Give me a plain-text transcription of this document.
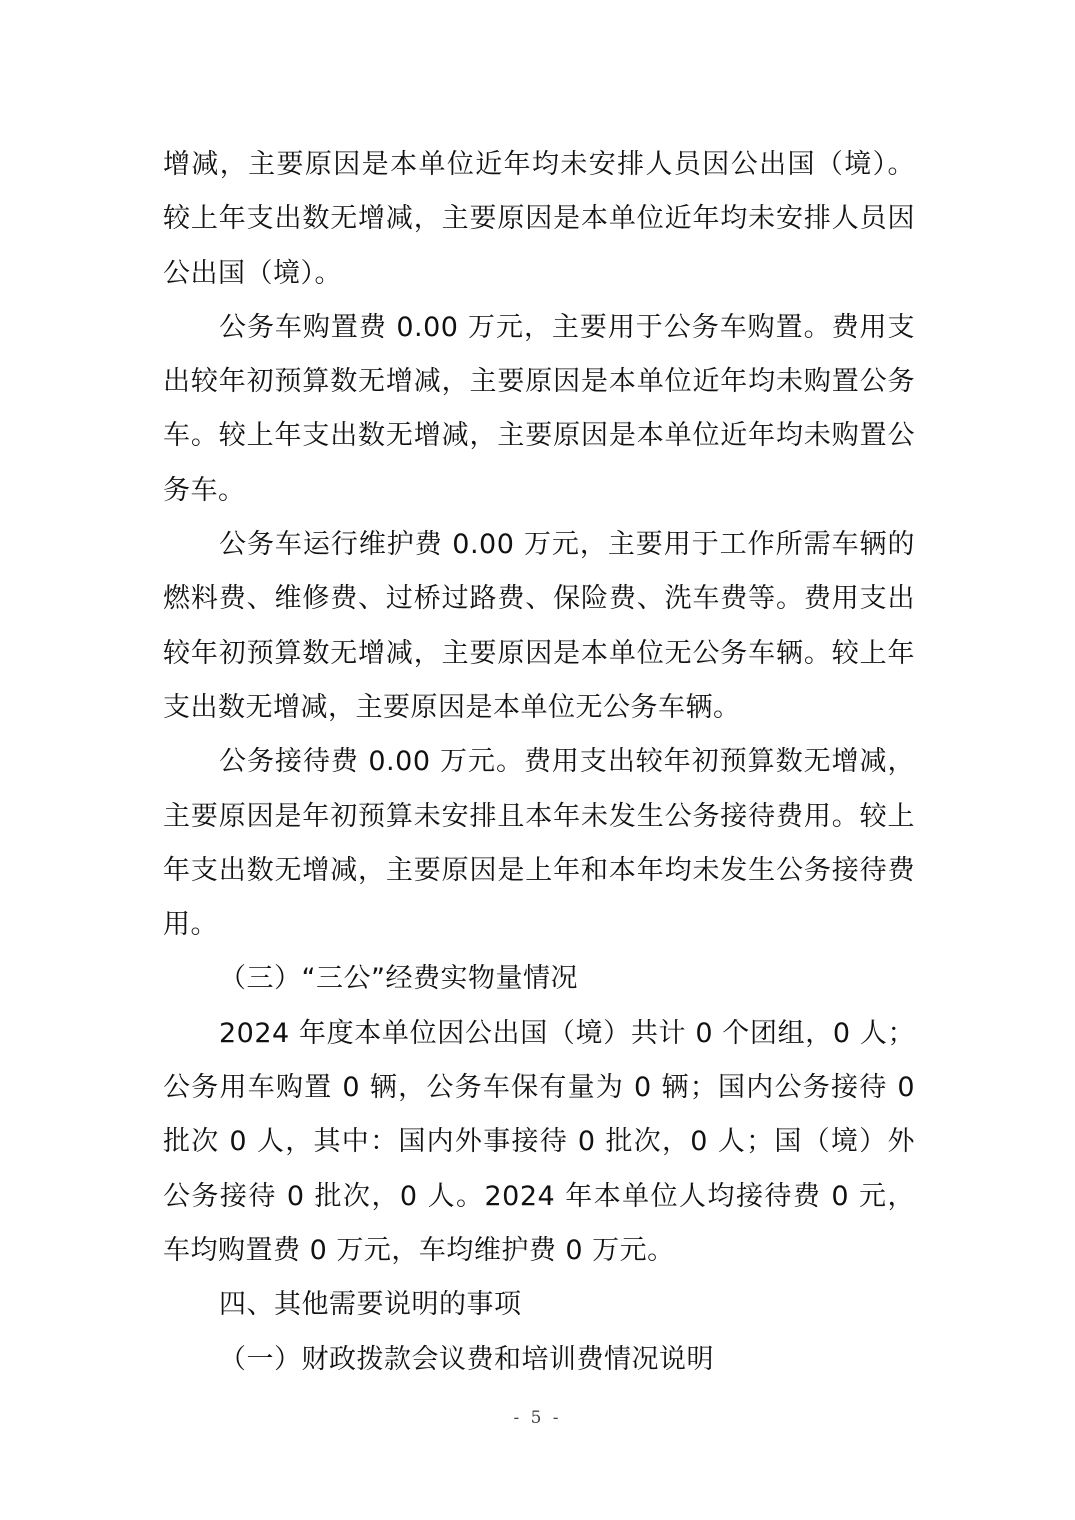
增减，主要原因是本单位近年均未安排人员因公出国（境）。较上年支出数无增减，主要原因是本单位近年均未安排人员因公出国（境）。

公务车购置费 0.00 万元，主要用于公务车购置。费用支出较年初预算数无增减，主要原因是本单位近年均未购置公务车。较上年支出数无增减，主要原因是本单位近年均未购置公务车。

公务车运行维护费 0.00 万元，主要用于工作所需车辆的燃料费、维修费、过桥过路费、保险费、洗车费等。费用支出较年初预算数无增减，主要原因是本单位无公务车辆。较上年支出数无增减，主要原因是本单位无公务车辆。

公务接待费 0.00 万元。费用支出较年初预算数无增减，主要原因是年初预算未安排且本年未发生公务接待费用。较上年支出数无增减，主要原因是上年和本年均未发生公务接待费用。

（三）“三公”经费实物量情况

2024 年度本单位因公出国（境）共计 0 个团组，0 人；公务用车购置 0 辆，公务车保有量为 0 辆；国内公务接待 0 批次 0 人，其中：国内外事接待 0 批次，0 人；国（境）外公务接待 0 批次，0 人。2024 年本单位人均接待费 0 元，车均购置费 0 万元，车均维护费 0 万元。

四、其他需要说明的事项

（一）财政拨款会议费和培训费情况说明

- 5 -
